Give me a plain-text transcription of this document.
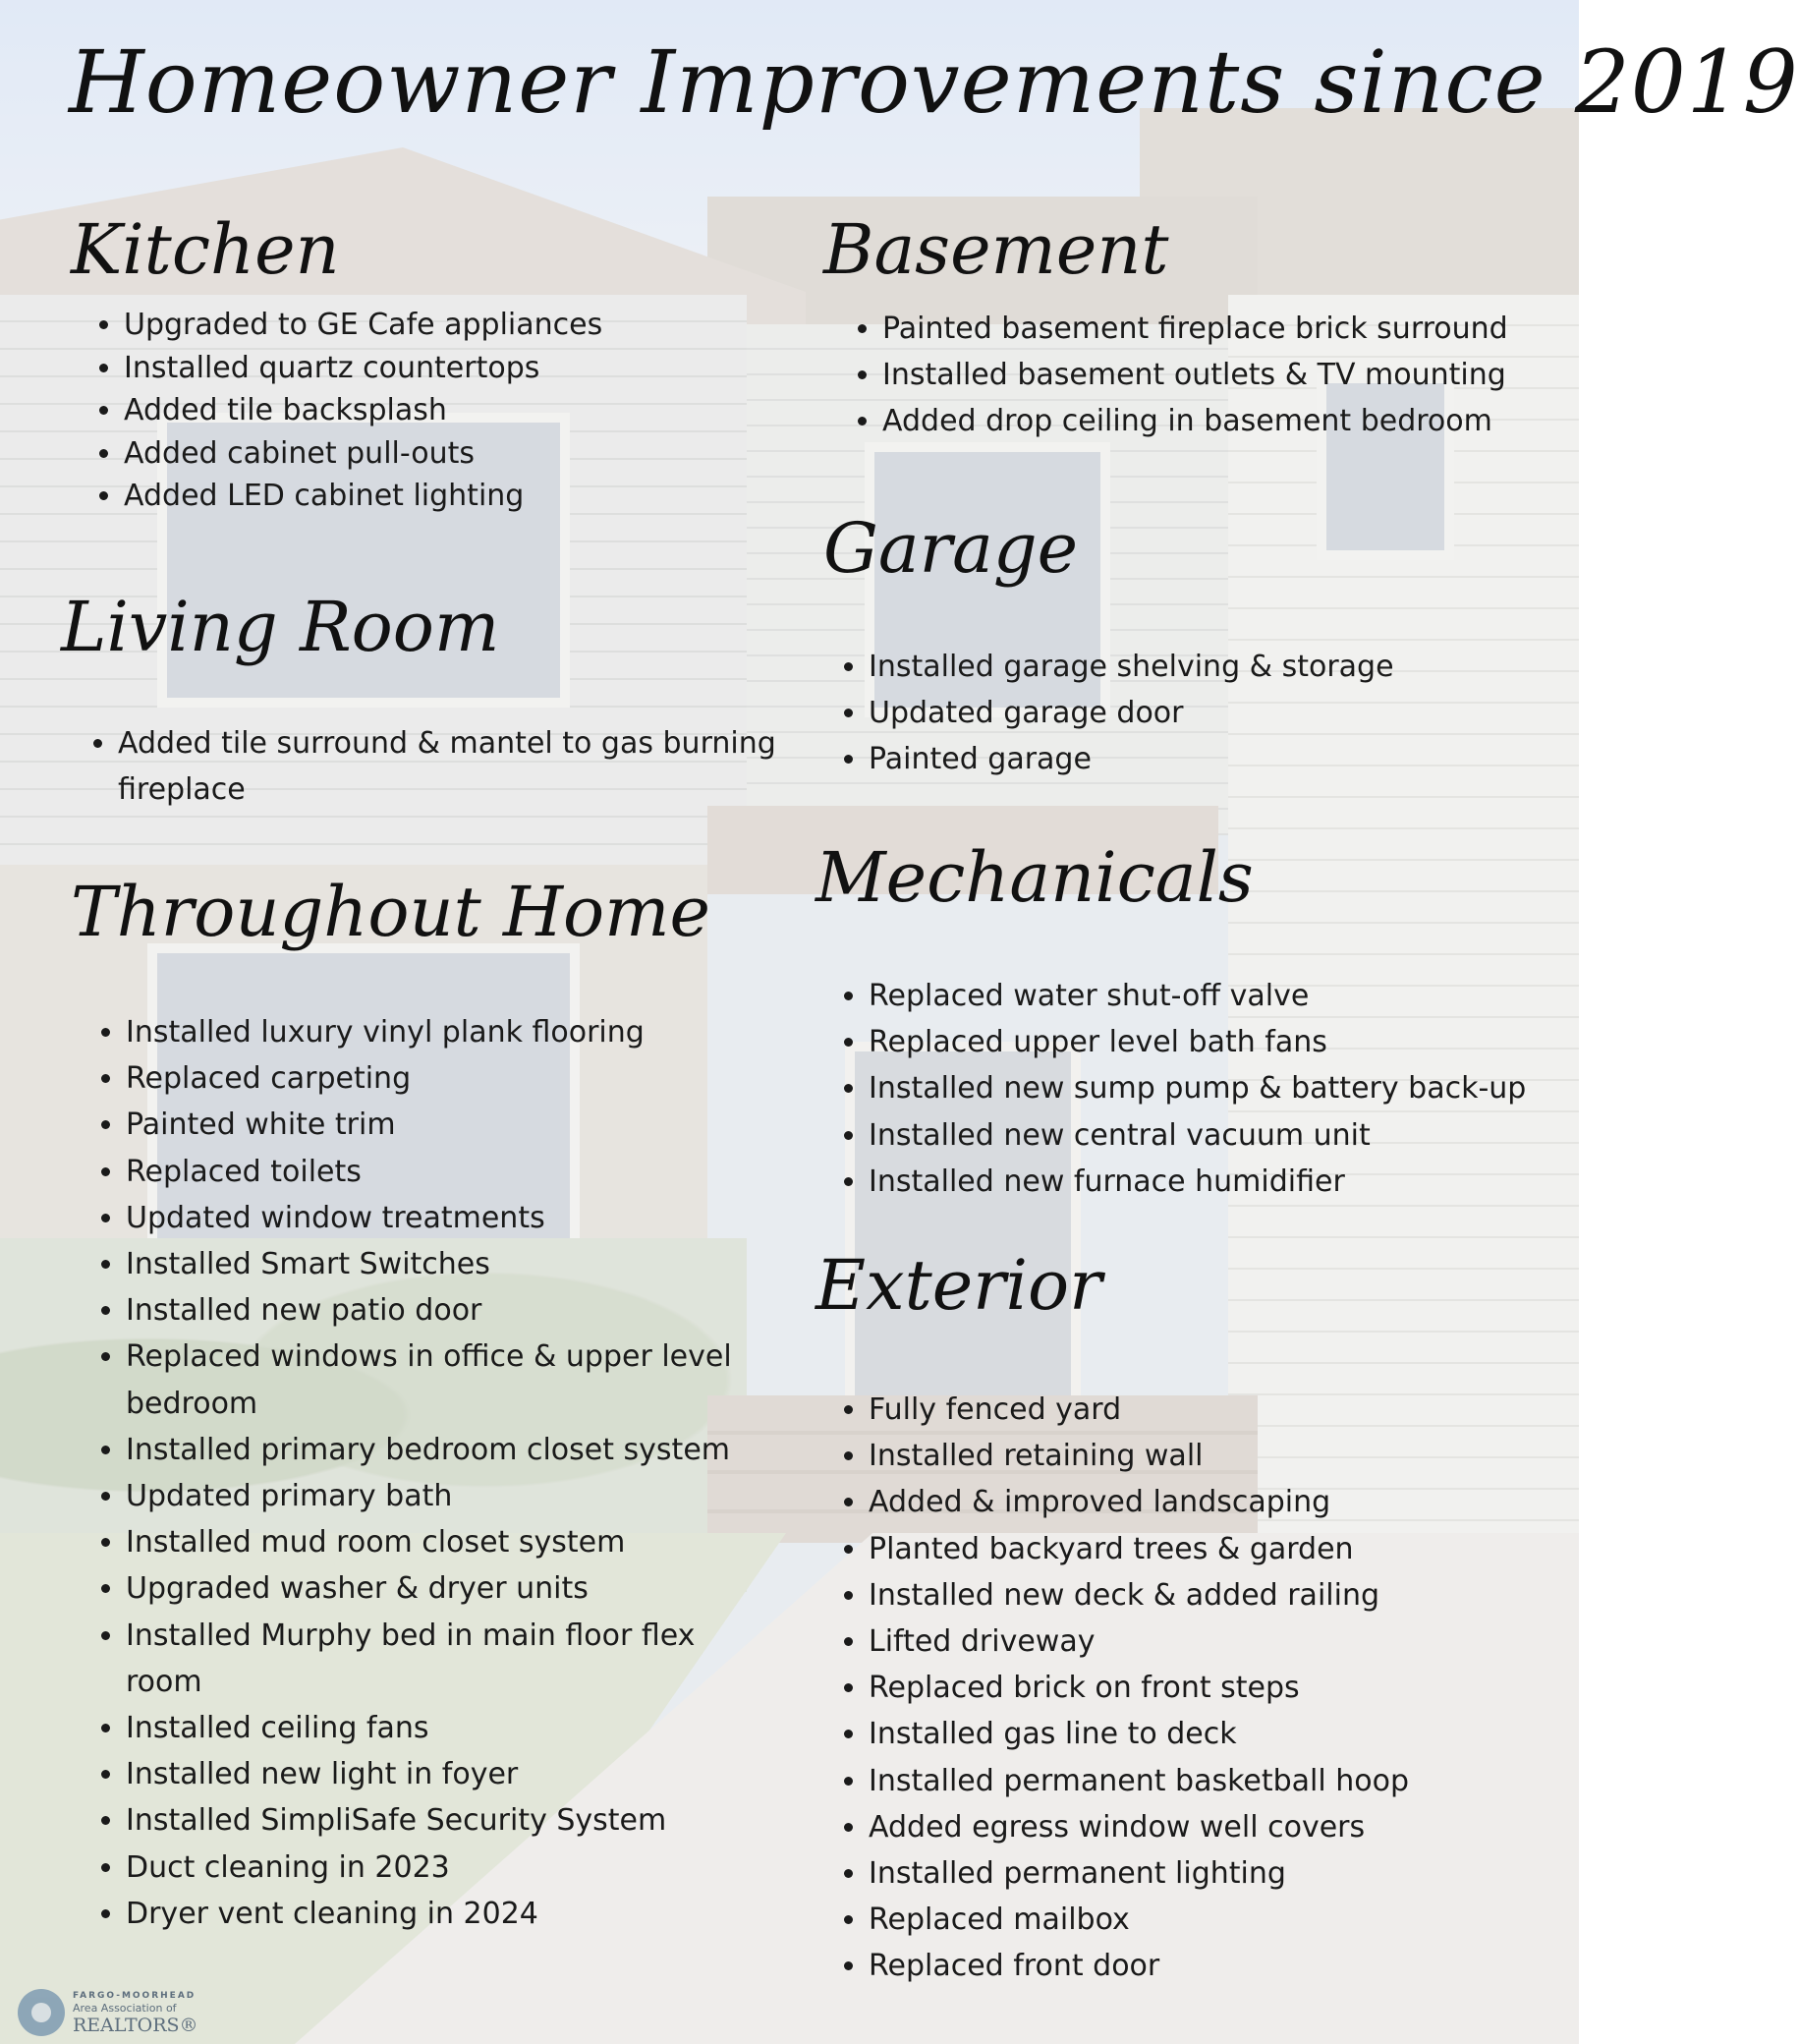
Homeowner Improvements since 2019
Kitchen
• Upgraded to GE Cafe appliances
• Installed quartz countertops
• Added tile backsplash
• Added cabinet pull-outs
• Added LED cabinet lighting
Living Room
• Added tile surround & mantel to gas burning fireplace
Throughout Home
• Installed luxury vinyl plank flooring
• Replaced carpeting
• Painted white trim
• Replaced toilets
• Updated window treatments
• Installed Smart Switches
• Installed new patio door
• Replaced windows in office & upper level bedroom
• Installed primary bedroom closet system
• Updated primary bath
• Installed mud room closet system
• Upgraded washer & dryer units
• Installed Murphy bed in main floor flex room
• Installed ceiling fans
• Installed new light in foyer
• Installed SimpliSafe Security System
• Duct cleaning in 2023
• Dryer vent cleaning in 2024
Basement
• Painted basement fireplace brick surround
• Installed basement outlets & TV mounting
• Added drop ceiling in basement bedroom
Garage
• Installed garage shelving & storage
• Updated garage door
• Painted garage
Mechanicals
• Replaced water shut-off valve
• Replaced upper level bath fans
• Installed new sump pump & battery back-up
• Installed new central vacuum unit
• Installed new furnace humidifier
Exterior
• Fully fenced yard
• Installed retaining wall
• Added & improved landscaping
• Planted backyard trees & garden
• Installed new deck & added railing
• Lifted driveway
• Replaced brick on front steps
• Installed gas line to deck
• Installed permanent basketball hoop
• Added egress window well covers
• Installed permanent lighting
• Replaced mailbox
• Replaced front door
FARGO-MOORHEAD
Area Association of
REALTORS®
